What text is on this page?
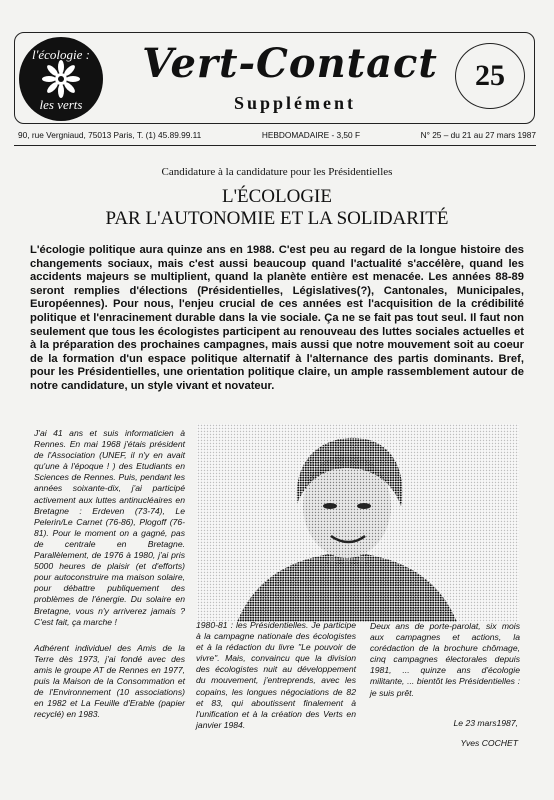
l'écologie :
les verts
Vert-Contact
Supplément
25
90, rue Vergniaud, 75013 Paris, T. (1) 45.89.99.11	HEBDOMADAIRE - 3,50 F	N° 25 – du 21 au 27 mars 1987
Candidature à la candidature pour les Présidentielles
L'ÉCOLOGIE
PAR L'AUTONOMIE ET LA SOLIDARITÉ
L'écologie politique aura quinze ans en 1988. C'est peu au regard de la longue histoire des changements sociaux, mais c'est aussi beaucoup quand l'actualité s'accélère, quand les accidents majeurs se multiplient, quand la planète entière est menacée. Les années 88-89 seront remplies d'élections (Présidentielles, Législatives(?), Cantonales, Municipales, Européennes). Pour nous, l'enjeu crucial de ces années est l'acquisition de la crédibilité politique et l'enracinement durable dans la vie sociale. Ça ne se fait pas tout seul. Il faut non seulement que tous les écologistes participent au renouveau des luttes sociales actuelles et à la préparation des prochaines campagnes, mais aussi que notre mouvement soit au coeur de la formation d'un espace politique alternatif à l'alternance des partis dominants. Bref, pour les Présidentielles, une orientation politique claire, un ample rassemblement autour de notre candidature, un style vivant et novateur.

J'ai 41 ans et suis informaticien à Rennes. En mai 1968 j'étais président de l'Association (UNEF, il n'y en avait qu'une à l'époque ! ) des Etudiants en Sciences de Rennes. Puis, pendant les années soixante-dix, j'ai participé activement aux luttes antinucléaires en Bretagne : Erdeven (73-74), Le Pelerin/Le Carnet (76-86), Plogoff (76-81). Pour le moment on a gagné, pas de centrale en Bretagne. Parallèlement, de 1976 à 1980, j'ai pris 5000 heures de plaisir (et d'efforts) pour autoconstruire ma maison solaire, pour débattre publiquement des problèmes de l'énergie. Du solaire en Bretagne, vous n'y arriverez jamais ? C'est fait, ça marche !

Adhérent individuel des Amis de la Terre dès 1973, j'ai fondé avec des amis le groupe AT de Rennes en 1977, puis la Maison de la Consommation et de l'Environnement (10 associations) en 1982 et La Feuille d'Erable (papier recyclé) en 1983.

1980-81 : les Présidentielles. Je participe à la campagne nationale des écologistes et à la rédaction du livre "Le pouvoir de vivre". Mais, convaincu que la division des écologistes nuit au développement du mouvement, j'entreprends, avec les copains, les longues négociations de 82 et 83, qui aboutissent finalement à l'unification et à la création des Verts en janvier 1984.
Deux ans de porte-parolat, six mois aux campagnes et actions, la corédaction de la brochure chômage, cinq campagnes électorales depuis 1981, ... quinze ans d'écologie militante, ... bientôt les Présidentielles : je suis prêt.
Le 23 mars1987,
Yves COCHET
